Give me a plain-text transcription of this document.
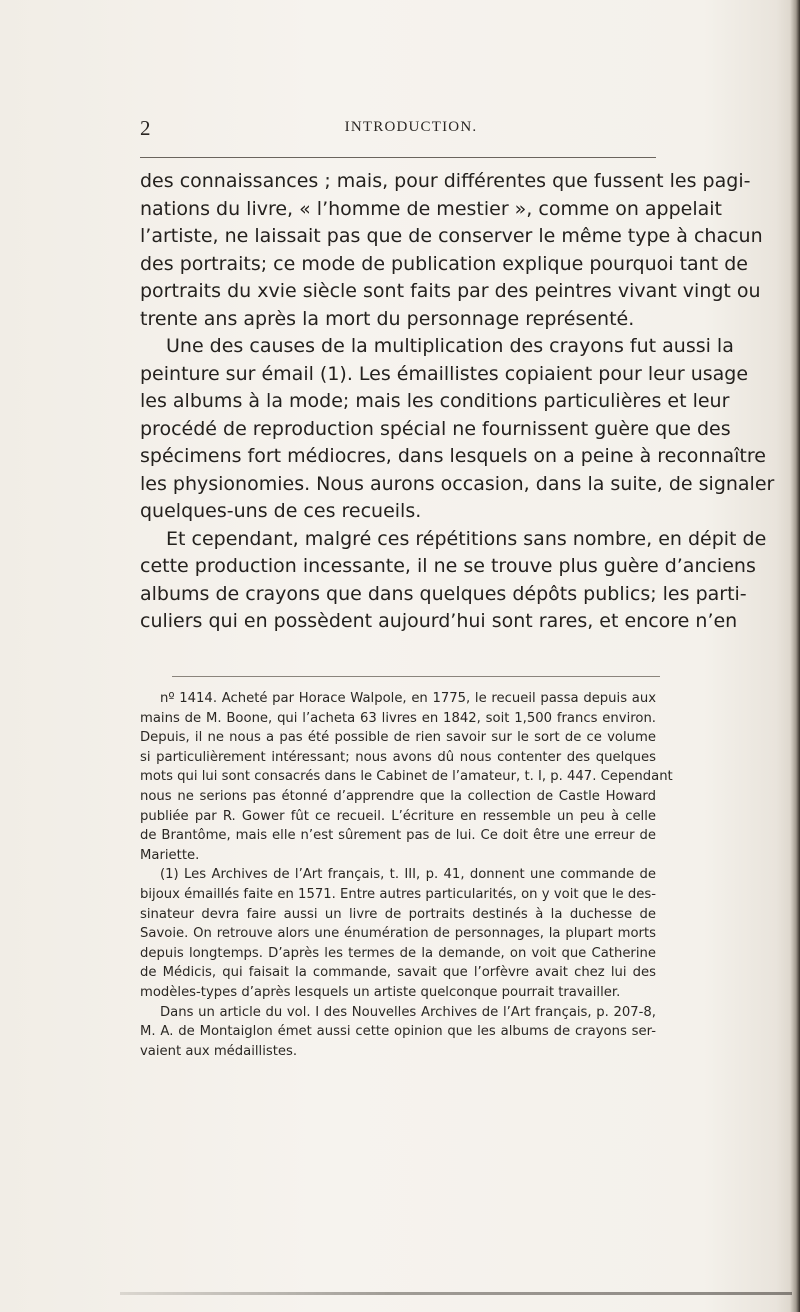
2	INTRODUCTION.

des connaissances ; mais, pour différentes que fussent les pagi-
nations du livre, « l’homme de mestier », comme on appelait
l’artiste, ne laissait pas que de conserver le même type à chacun
des portraits; ce mode de publication explique pourquoi tant de
portraits du xvie siècle sont faits par des peintres vivant vingt ou
trente ans après la mort du personnage représenté.

Une des causes de la multiplication des crayons fut aussi la
peinture sur émail (1). Les émaillistes copiaient pour leur usage
les albums à la mode; mais les conditions particulières et leur
procédé de reproduction spécial ne fournissent guère que des
spécimens fort médiocres, dans lesquels on a peine à reconnaître
les physionomies. Nous aurons occasion, dans la suite, de signaler
quelques-uns de ces recueils.

Et cependant, malgré ces répétitions sans nombre, en dépit de
cette production incessante, il ne se trouve plus guère d’anciens
albums de crayons que dans quelques dépôts publics; les parti-
culiers qui en possèdent aujourd’hui sont rares, et encore n’en

nº 1414. Acheté par Horace Walpole, en 1775, le recueil passa depuis aux
mains de M. Boone, qui l’acheta 63 livres en 1842, soit 1,500 francs environ.
Depuis, il ne nous a pas été possible de rien savoir sur le sort de ce volume
si particulièrement intéressant; nous avons dû nous contenter des quelques
mots qui lui sont consacrés dans le Cabinet de l’amateur, t. I, p. 447. Cependant
nous ne serions pas étonné d’apprendre que la collection de Castle Howard
publiée par R. Gower fût ce recueil. L’écriture en ressemble un peu à celle
de Brantôme, mais elle n’est sûrement pas de lui. Ce doit être une erreur de
Mariette.
(1) Les Archives de l’Art français, t. III, p. 41, donnent une commande de
bijoux émaillés faite en 1571. Entre autres particularités, on y voit que le des-
sinateur devra faire aussi un livre de portraits destinés à la duchesse de
Savoie. On retrouve alors une énumération de personnages, la plupart morts
depuis longtemps. D’après les termes de la demande, on voit que Catherine
de Médicis, qui faisait la commande, savait que l’orfèvre avait chez lui des
modèles-types d’après lesquels un artiste quelconque pourrait travailler.
Dans un article du vol. I des Nouvelles Archives de l’Art français, p. 207-8,
M. A. de Montaiglon émet aussi cette opinion que les albums de crayons ser-
vaient aux médaillistes.
